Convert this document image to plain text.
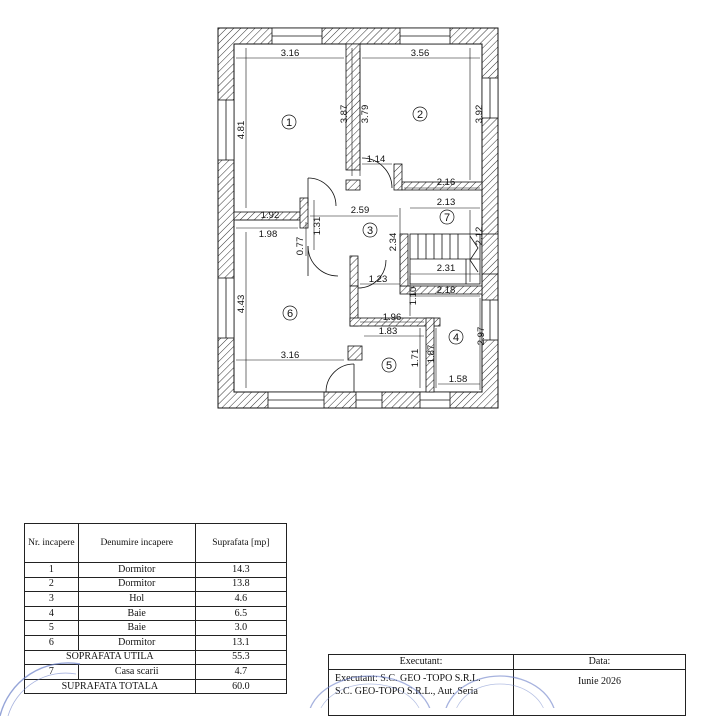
3.16	3.56
4.81
3.87 3.79	3.92
1.14
2.16
1.92	2.59
2.13
1.98
0.77
1.31
2.34	2.12
2.31
1.23
2.18
1.10
4.43
1.96
1.83	2.97
3.16	1.87
1.71
1.58
1
2
3
4
5
6
7
Nr. incapere	Denumire incapere	Suprafata [mp]
1	Dormitor	14.3
2	Dormitor	13.8
3	Hol	4.6
4	Baie	6.5
5	Baie	3.0
6	Dormitor	13.1
SOPRAFATA UTILA		55.3
7	Casa scarii	4.7
SUPRAFATA TOTALA		60.0
Executant:	Data:
Executant: S.C. GEO -TOPO S.R.L.
S.C. GEO-TOPO S.R.L., Aut. Seria
Iunie 2026
